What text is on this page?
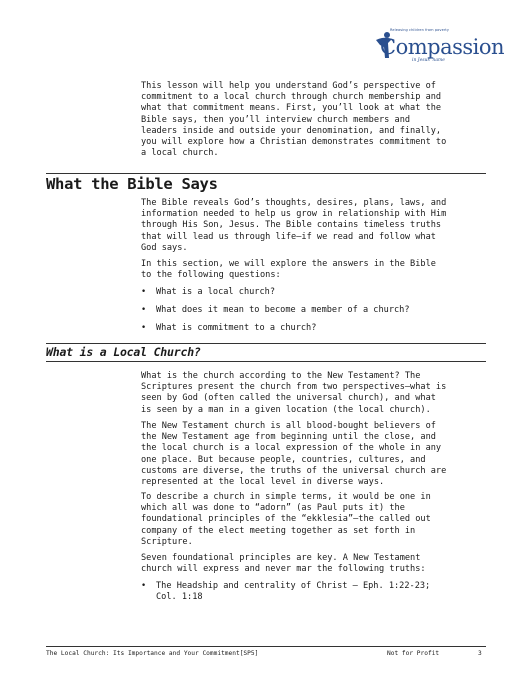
Releasing children from poverty
Compassion
in Jesus' name

This lesson will help you understand God’s perspective of
commitment to a local church through church membership and
what that commitment means. First, you’ll look at what the
Bible says, then you’ll interview church members and
leaders inside and outside your denomination, and finally,
you will explore how a Christian demonstrates commitment to
a local church.

What the Bible Says

The Bible reveals God’s thoughts, desires, plans, laws, and
information needed to help us grow in relationship with Him
through His Son, Jesus. The Bible contains timeless truths
that will lead us through life—if we read and follow what
God says.

In this section, we will explore the answers in the Bible
to the following questions:

• What is a local church?
• What does it mean to become a member of a church?
• What is commitment to a church?
What is a Local Church?

What is the church according to the New Testament? The
Scriptures present the church from two perspectives—what is
seen by God (often called the universal church), and what
is seen by a man in a given location (the local church).

The New Testament church is all blood-bought believers of
the New Testament age from beginning until the close, and
the local church is a local expression of the whole in any
one place. But because people, countries, cultures, and
customs are diverse, the truths of the universal church are
represented at the local level in diverse ways.

To describe a church in simple terms, it would be one in
which all was done to “adorn” (as Paul puts it) the
foundational principles of the “ekklesia”—the called out
company of the elect meeting together as set forth in
Scripture.

Seven foundational principles are key. A New Testament
church will express and never mar the following truths:

• The Headship and centrality of Christ – Eph. 1:22-23;
Col. 1:18
The Local Church: Its Importance and Your Commitment[SP5]	Not for Profit	3
